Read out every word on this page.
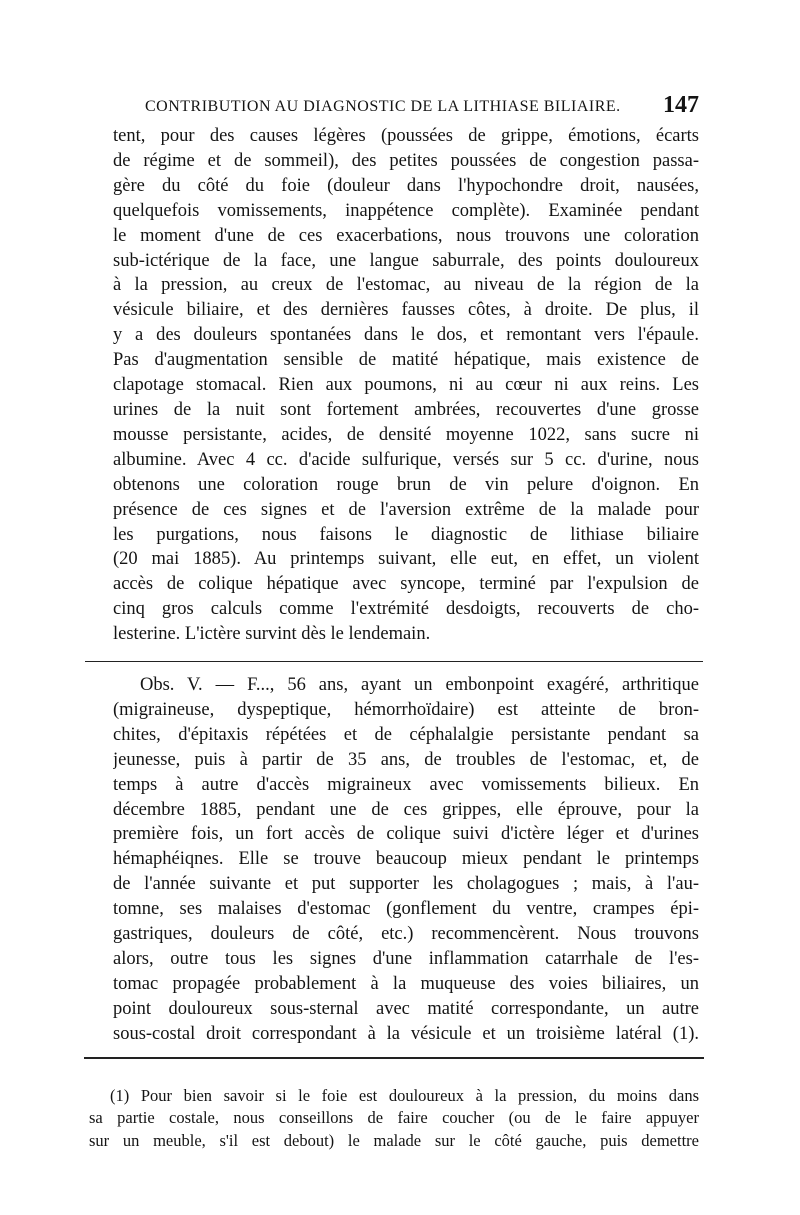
CONTRIBUTION AU DIAGNOSTIC DE LA LITHIASE BILIAIRE. 147
tent, pour des causes légères (poussées de grippe, émotions, écarts
de régime et de sommeil), des petites poussées de congestion passa-
gère du côté du foie (douleur dans l'hypochondre droit, nausées,
quelquefois vomissements, inappétence complète). Examinée pendant
le moment d'une de ces exacerbations, nous trouvons une coloration
sub-ictérique de la face, une langue saburrale, des points douloureux
à la pression, au creux de l'estomac, au niveau de la région de la
vésicule biliaire, et des dernières fausses côtes, à droite. De plus, il
y a des douleurs spontanées dans le dos, et remontant vers l'épaule.
Pas d'augmentation sensible de matité hépatique, mais existence de
clapotage stomacal. Rien aux poumons, ni au cœur ni aux reins. Les
urines de la nuit sont fortement ambrées, recouvertes d'une grosse
mousse persistante, acides, de densité moyenne 1022, sans sucre ni
albumine. Avec 4 cc. d'acide sulfurique, versés sur 5 cc. d'urine, nous
obtenons une coloration rouge brun de vin pelure d'oignon. En
présence de ces signes et de l'aversion extrême de la malade pour
les purgations, nous faisons le diagnostic de lithiase biliaire
(20 mai 1885). Au printemps suivant, elle eut, en effet, un violent
accès de colique hépatique avec syncope, terminé par l'expulsion de
cinq gros calculs comme l'extrémité desdoigts, recouverts de cho-
lesterine. L'ictère survint dès le lendemain.
Obs. V. — F..., 56 ans, ayant un embonpoint exagéré, arthritique
(migraineuse, dyspeptique, hémorrhoïdaire) est atteinte de bron-
chites, d'épitaxis répétées et de céphalalgie persistante pendant sa
jeunesse, puis à partir de 35 ans, de troubles de l'estomac, et, de
temps à autre d'accès migraineux avec vomissements bilieux. En
décembre 1885, pendant une de ces grippes, elle éprouve, pour la
première fois, un fort accès de colique suivi d'ictère léger et d'urines
hémaphéiqnes. Elle se trouve beaucoup mieux pendant le printemps
de l'année suivante et put supporter les cholagogues ; mais, à l'au-
tomne, ses malaises d'estomac (gonflement du ventre, crampes épi-
gastriques, douleurs de côté, etc.) recommencèrent. Nous trouvons
alors, outre tous les signes d'une inflammation catarrhale de l'es-
tomac propagée probablement à la muqueuse des voies biliaires, un
point douloureux sous-sternal avec matité correspondante, un autre
sous-costal droit correspondant à la vésicule et un troisième latéral (1).
(1) Pour bien savoir si le foie est douloureux à la pression, du moins dans
sa partie costale, nous conseillons de faire coucher (ou de le faire appuyer
sur un meuble, s'il est debout) le malade sur le côté gauche, puis demettre
